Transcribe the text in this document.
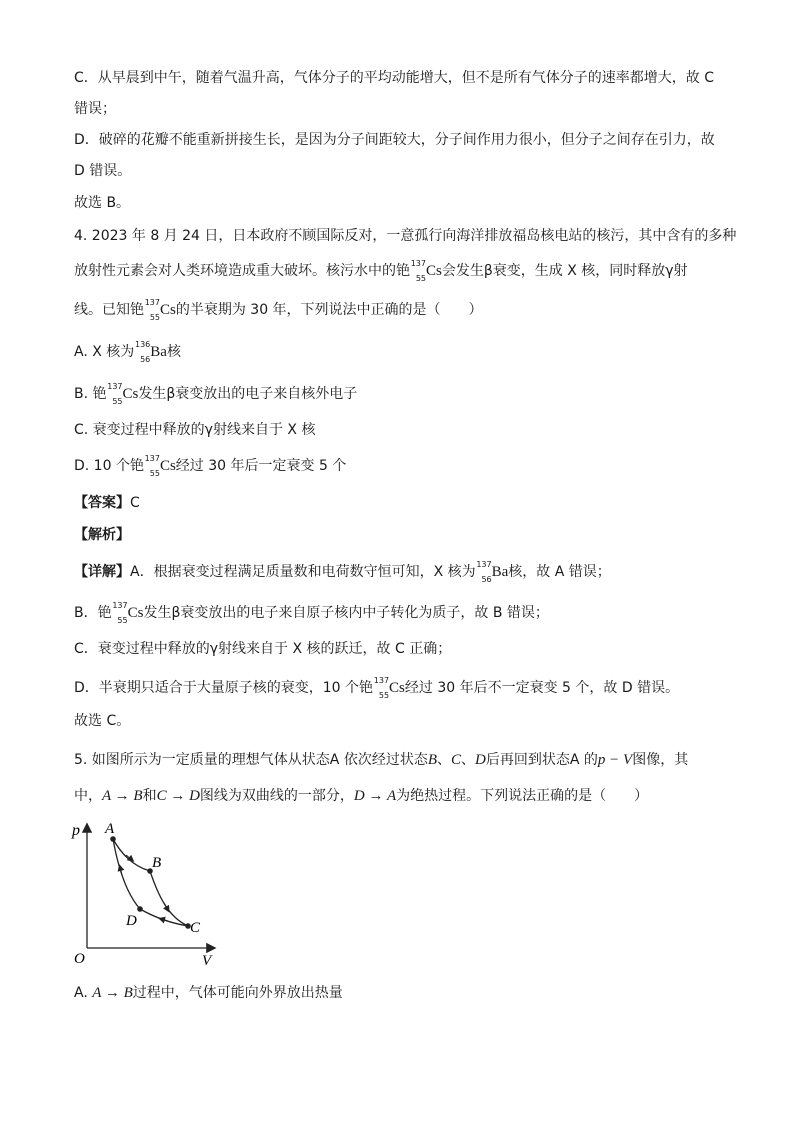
C．从早晨到中午，随着气温升高，气体分子的平均动能增大，但不是所有气体分子的速率都增大，故 C
错误；
D．破碎的花瓣不能重新拼接生长，是因为分子间距较大，分子间作用力很小，但分子之间存在引力，故
D 错误。
故选 B。
4. 2023 年 8 月 24 日，日本政府不顾国际反对，一意孤行向海洋排放福岛核电站的核污，其中含有的多种
放射性元素会对人类环境造成重大破坏。核污水中的铯 137
55 Cs会发生β衰变，生成 X 核，同时释放γ射
线。已知铯 137
55 Cs的半衰期为 30 年，下列说法中正确的是（　　）
A. X 核为 136
56 Ba核
B. 铯 137
55 Cs发生β衰变放出的电子来自核外电子
C. 衰变过程中释放的γ射线来自于 X 核
D. 10 个铯 137
55 Cs经过 30 年后一定衰变 5 个
【答案】C
【解析】
【详解】A．根据衰变过程满足质量数和电荷数守恒可知，X 核为 137
56 Ba核，故 A 错误；
B．铯 137
55 Cs发生β衰变放出的电子来自原子核内中子转化为质子，故 B 错误；
C．衰变过程中释放的γ射线来自于 X 核的跃迁，故 C 正确；
D．半衰期只适合于大量原子核的衰变，10 个铯 137
55 Cs经过 30 年后不一定衰变 5 个，故 D 错误。
故选 C。
5. 如图所示为一定质量的理想气体从状态A 依次经过状态B、C、D后再回到状态A 的p − V图像，其
中，A → B和C → D图线为双曲线的一部分，D → A为绝热过程。下列说法正确的是（　　）
p A
B
C
D
O	V
A. A → B过程中，气体可能向外界放出热量
